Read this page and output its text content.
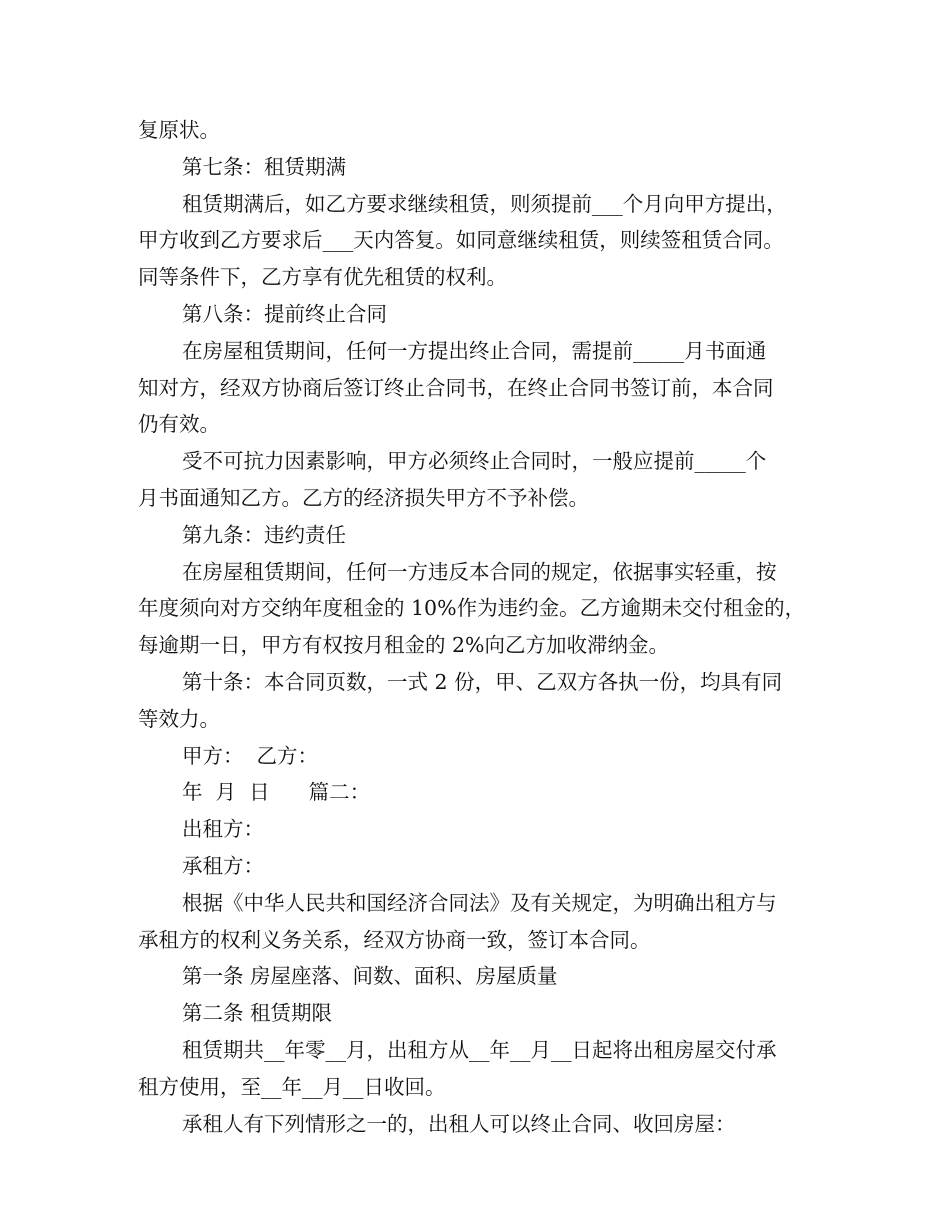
复原状。
第七条：租赁期满
租赁期满后，如乙方要求继续租赁，则须提前___个月向甲方提出，
甲方收到乙方要求后___天内答复。如同意继续租赁，则续签租赁合同。
同等条件下，乙方享有优先租赁的权利。
第八条：提前终止合同
在房屋租赁期间，任何一方提出终止合同，需提前_____月书面通
知对方，经双方协商后签订终止合同书，在终止合同书签订前，本合同
仍有效。
受不可抗力因素影响，甲方必须终止合同时，一般应提前_____个
月书面通知乙方。乙方的经济损失甲方不予补偿。
第九条：违约责任
在房屋租赁期间，任何一方违反本合同的规定，依据事实轻重，按
年度须向对方交纳年度租金的 10%作为违约金。乙方逾期未交付租金的，
每逾期一日，甲方有权按月租金的 2%向乙方加收滞纳金。
第十条：本合同页数，一式 2 份，甲、乙双方各执一份，均具有同
等效力。
甲方：  乙方：
年  月  日      篇二：
出租方：
承租方：
根据《中华人民共和国经济合同法》及有关规定，为明确出租方与
承租方的权利义务关系，经双方协商一致，签订本合同。
第一条 房屋座落、间数、面积、房屋质量
第二条 租赁期限
租赁期共__年零__月，出租方从__年__月__日起将出租房屋交付承
租方使用，至__年__月__日收回。
承租人有下列情形之一的，出租人可以终止合同、收回房屋：
